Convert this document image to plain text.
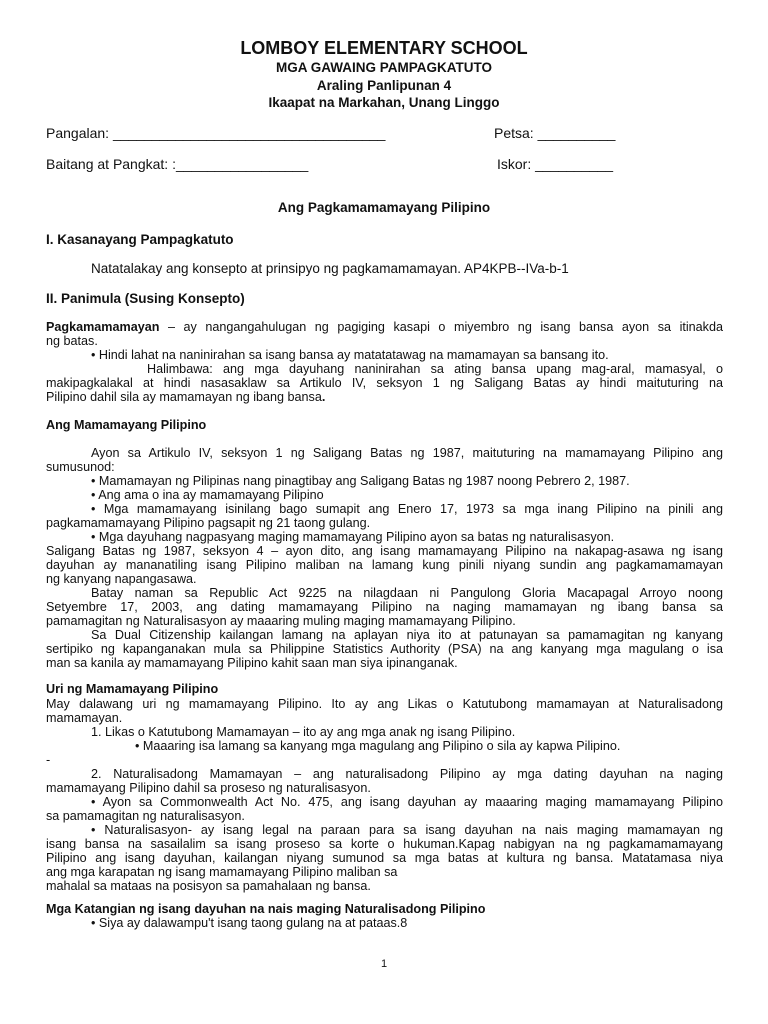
LOMBOY ELEMENTARY SCHOOL
MGA GAWAING PAMPAGKATUTO
Araling Panlipunan 4
Ikaapat na Markahan, Unang Linggo
Pangalan: ___________________________________	Petsa: __________
Baitang at Pangkat: :_________________	Iskor: __________
Ang Pagkamamamayang Pilipino
I. Kasanayang Pampagkatuto
Natatalakay ang konsepto at prinsipyo ng pagkamamamayan. AP4KPB--IVa-b-1
II. Panimula (Susing Konsepto)
Pagkamamamayan – ay nangangahulugan ng pagiging kasapi o miyembro ng isang bansa ayon sa itinakda
ng batas.
• Hindi lahat na naninirahan sa isang bansa ay matatatawag na mamamayan sa bansang ito.
Halimbawa: ang mga dayuhang naninirahan sa ating bansa upang mag-aral, mamasyal, o
makipagkalakal at hindi nasasaklaw sa Artikulo IV, seksyon 1 ng Saligang Batas ay hindi maituturing na
Pilipino dahil sila ay mamamayan ng ibang bansa.
Ang Mamamayang Pilipino
Ayon sa Artikulo IV, seksyon 1 ng Saligang Batas ng 1987, maituturing na mamamayang Pilipino ang
sumusunod:
• Mamamayan ng Pilipinas nang pinagtibay ang Saligang Batas ng 1987 noong Pebrero 2, 1987.
• Ang ama o ina ay mamamayang Pilipino
• Mga mamamayang isinilang bago sumapit ang Enero 17, 1973 sa mga inang Pilipino na pinili ang
pagkamamamayang Pilipino pagsapit ng 21 taong gulang.
• Mga dayuhang nagpasyang maging mamamayang Pilipino ayon sa batas ng naturalisasyon.
Saligang Batas ng 1987, seksyon 4 – ayon dito, ang isang mamamayang Pilipino na nakapag-asawa ng isang
dayuhan ay mananatiling isang Pilipino maliban na lamang kung pinili niyang sundin ang pagkamamamayan
ng kanyang napangasawa.
Batay naman sa Republic Act 9225 na nilagdaan ni Pangulong Gloria Macapagal Arroyo noong
Setyembre 17, 2003, ang dating mamamayang Pilipino na naging mamamayan ng ibang bansa sa
pamamagitan ng Naturalisasyon ay maaaring muling maging mamamayang Pilipino.
Sa Dual Citizenship kailangan lamang na aplayan niya ito at patunayan sa pamamagitan ng kanyang
sertipiko ng kapanganakan mula sa Philippine Statistics Authority (PSA) na ang kanyang mga magulang o isa
man sa kanila ay mamamayang Pilipino kahit saan man siya ipinanganak.
Uri ng Mamamayang Pilipino
May dalawang uri ng mamamayang Pilipino. Ito ay ang Likas o Katutubong mamamayan at Naturalisadong
mamamayan.
1. Likas o Katutubong Mamamayan – ito ay ang mga anak ng isang Pilipino.
• Maaaring isa lamang sa kanyang mga magulang ang Pilipino o sila ay kapwa Pilipino.
-
2. Naturalisadong Mamamayan – ang naturalisadong Pilipino ay mga dating dayuhan na naging
mamamayang Pilipino dahil sa proseso ng naturalisasyon.
• Ayon sa Commonwealth Act No. 475, ang isang dayuhan ay maaaring maging mamamayang Pilipino
sa pamamagitan ng naturalisasyon.
• Naturalisasyon- ay isang legal na paraan para sa isang dayuhan na nais maging mamamayan ng
isang bansa na sasailalim sa isang proseso sa korte o hukuman.Kapag nabigyan na ng pagkamamamayang
Pilipino ang isang dayuhan, kailangan niyang sumunod sa mga batas at kultura ng bansa. Matatamasa niya
ang mga karapatan ng isang mamamayang Pilipino maliban sa
mahalal sa mataas na posisyon sa pamahalaan ng bansa.
Mga Katangian ng isang dayuhan na nais maging Naturalisadong Pilipino
• Siya ay dalawampu't isang taong gulang na at pataas.8
1
